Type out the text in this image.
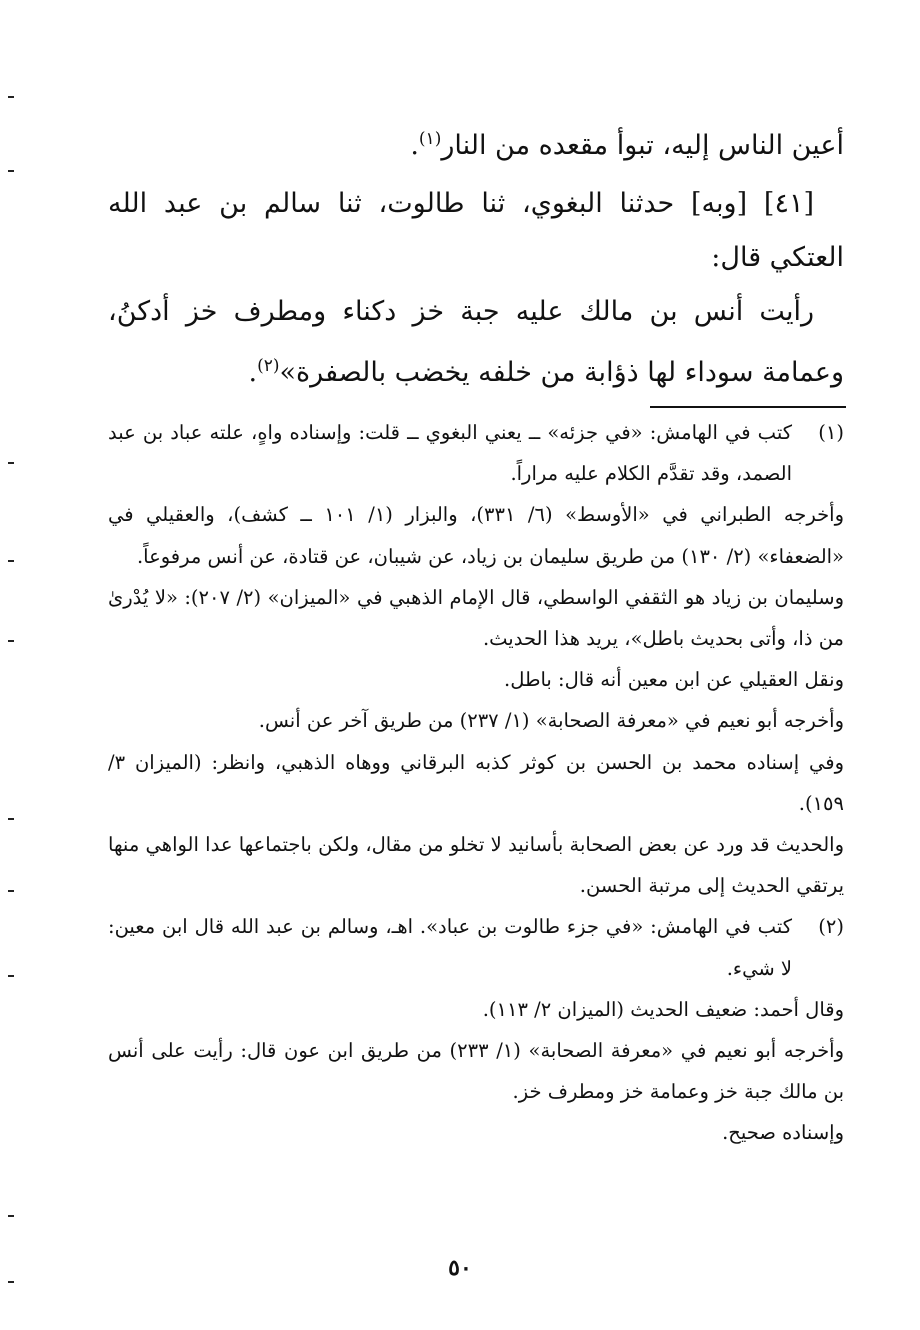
أعين الناس إليه، تبوأ مقعده من النار$^{(١)}$.

[٤١] [وبه] حدثنا البغوي، ثنا طالوت، ثنا سالم بن عبد الله العتكي قال:

رأيت أنس بن مالك عليه جبة خز دكناء ومطرف خز أدكنُ، وعمامة سوداء لها ذؤابة من خلفه يخضب بالصفرة»$^{(٢)}$.

(١)

كتب في الهامش: «في جزئه» ــ يعني البغوي ــ قلت: وإسناده واهٍ، علته عباد بن عبد الصمد، وقد تقدَّم الكلام عليه مراراً.

وأخرجه الطبراني في «الأوسط» (٦/ ٣٣١)، والبزار (١/ ١٠١ ــ كشف)، والعقيلي في «الضعفاء» (٢/ ١٣٠) من طريق سليمان بن زياد، عن شيبان، عن قتادة، عن أنس مرفوعاً.

وسليمان بن زياد هو الثقفي الواسطي، قال الإمام الذهبي في «الميزان» (٢/ ٢٠٧): «لا يُدْرىٰ من ذا، وأتى بحديث باطل»، يريد هذا الحديث.

ونقل العقيلي عن ابن معين أنه قال: باطل.

وأخرجه أبو نعيم في «معرفة الصحابة» (١/ ٢٣٧) من طريق آخر عن أنس.

وفي إسناده محمد بن الحسن بن كوثر كذبه البرقاني ووهاه الذهبي، وانظر: (الميزان ٣/ ١٥٩).

والحديث قد ورد عن بعض الصحابة بأسانيد لا تخلو من مقال، ولكن باجتماعها عدا الواهي منها يرتقي الحديث إلى مرتبة الحسن.

(٢)

كتب في الهامش: «في جزء طالوت بن عباد». اهـ، وسالم بن عبد الله قال ابن معين: لا شيء.

وقال أحمد: ضعيف الحديث (الميزان ٢/ ١١٣).

وأخرجه أبو نعيم في «معرفة الصحابة» (١/ ٢٣٣) من طريق ابن عون قال: رأيت على أنس بن مالك جبة خز وعمامة خز ومطرف خز.

وإسناده صحيح.

٥٠
